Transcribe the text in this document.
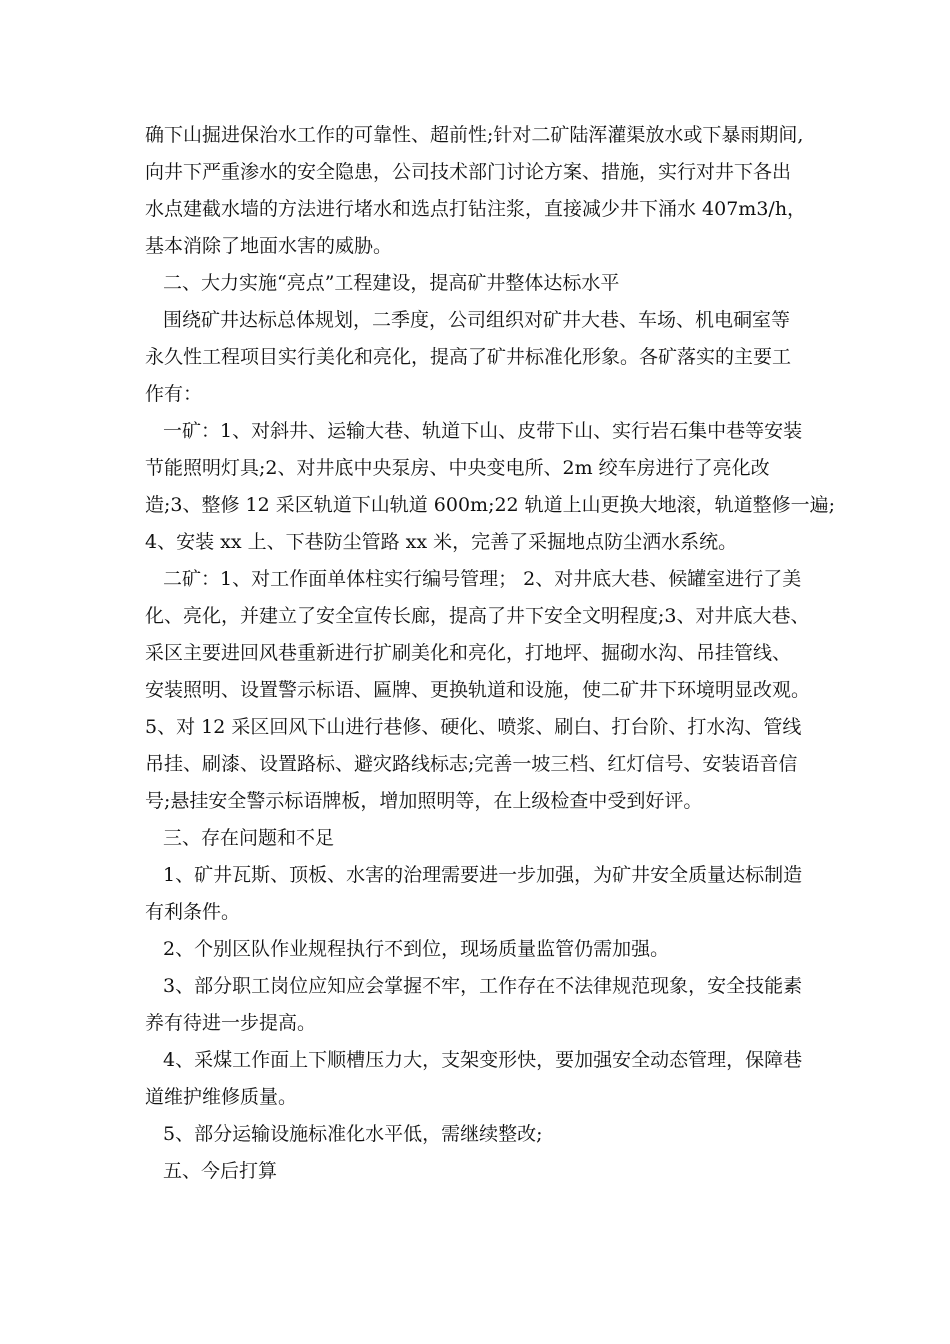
确下山掘进保治水工作的可靠性、超前性;针对二矿陆浑灌渠放水或下暴雨期间,
向井下严重渗水的安全隐患，公司技术部门讨论方案、措施，实行对井下各出
水点建截水墙的方法进行堵水和选点打钻注浆，直接减少井下涌水 407m3/h，
基本消除了地面水害的威胁。
二、大力实施“亮点”工程建设，提高矿井整体达标水平
围绕矿井达标总体规划，二季度，公司组织对矿井大巷、车场、机电硐室等
永久性工程项目实行美化和亮化，提高了矿井标准化形象。各矿落实的主要工
作有：
一矿：1、对斜井、运输大巷、轨道下山、皮带下山、实行岩石集中巷等安装
节能照明灯具;2、对井底中央泵房、中央变电所、2m 绞车房进行了亮化改
造;3、整修 12 采区轨道下山轨道 600m;22 轨道上山更换大地滚，轨道整修一遍;
4、安装 xx 上、下巷防尘管路 xx 米，完善了采掘地点防尘洒水系统。
二矿：1、对工作面单体柱实行编号管理； 2、对井底大巷、候罐室进行了美
化、亮化，并建立了安全宣传长廊，提高了井下安全文明程度;3、对井底大巷、
采区主要进回风巷重新进行扩刷美化和亮化，打地坪、掘砌水沟、吊挂管线、
安装照明、设置警示标语、匾牌、更换轨道和设施，使二矿井下环境明显改观。
5、对 12 采区回风下山进行巷修、硬化、喷浆、刷白、打台阶、打水沟、管线
吊挂、刷漆、设置路标、避灾路线标志;完善一坡三档、红灯信号、安装语音信
号;悬挂安全警示标语牌板，增加照明等，在上级检查中受到好评。
三、存在问题和不足
1、矿井瓦斯、顶板、水害的治理需要进一步加强，为矿井安全质量达标制造
有利条件。
2、个别区队作业规程执行不到位，现场质量监管仍需加强。
3、部分职工岗位应知应会掌握不牢，工作存在不法律规范现象，安全技能素
养有待进一步提高。
4、采煤工作面上下顺槽压力大，支架变形快，要加强安全动态管理，保障巷
道维护维修质量。
5、部分运输设施标准化水平低，需继续整改;
五、今后打算
